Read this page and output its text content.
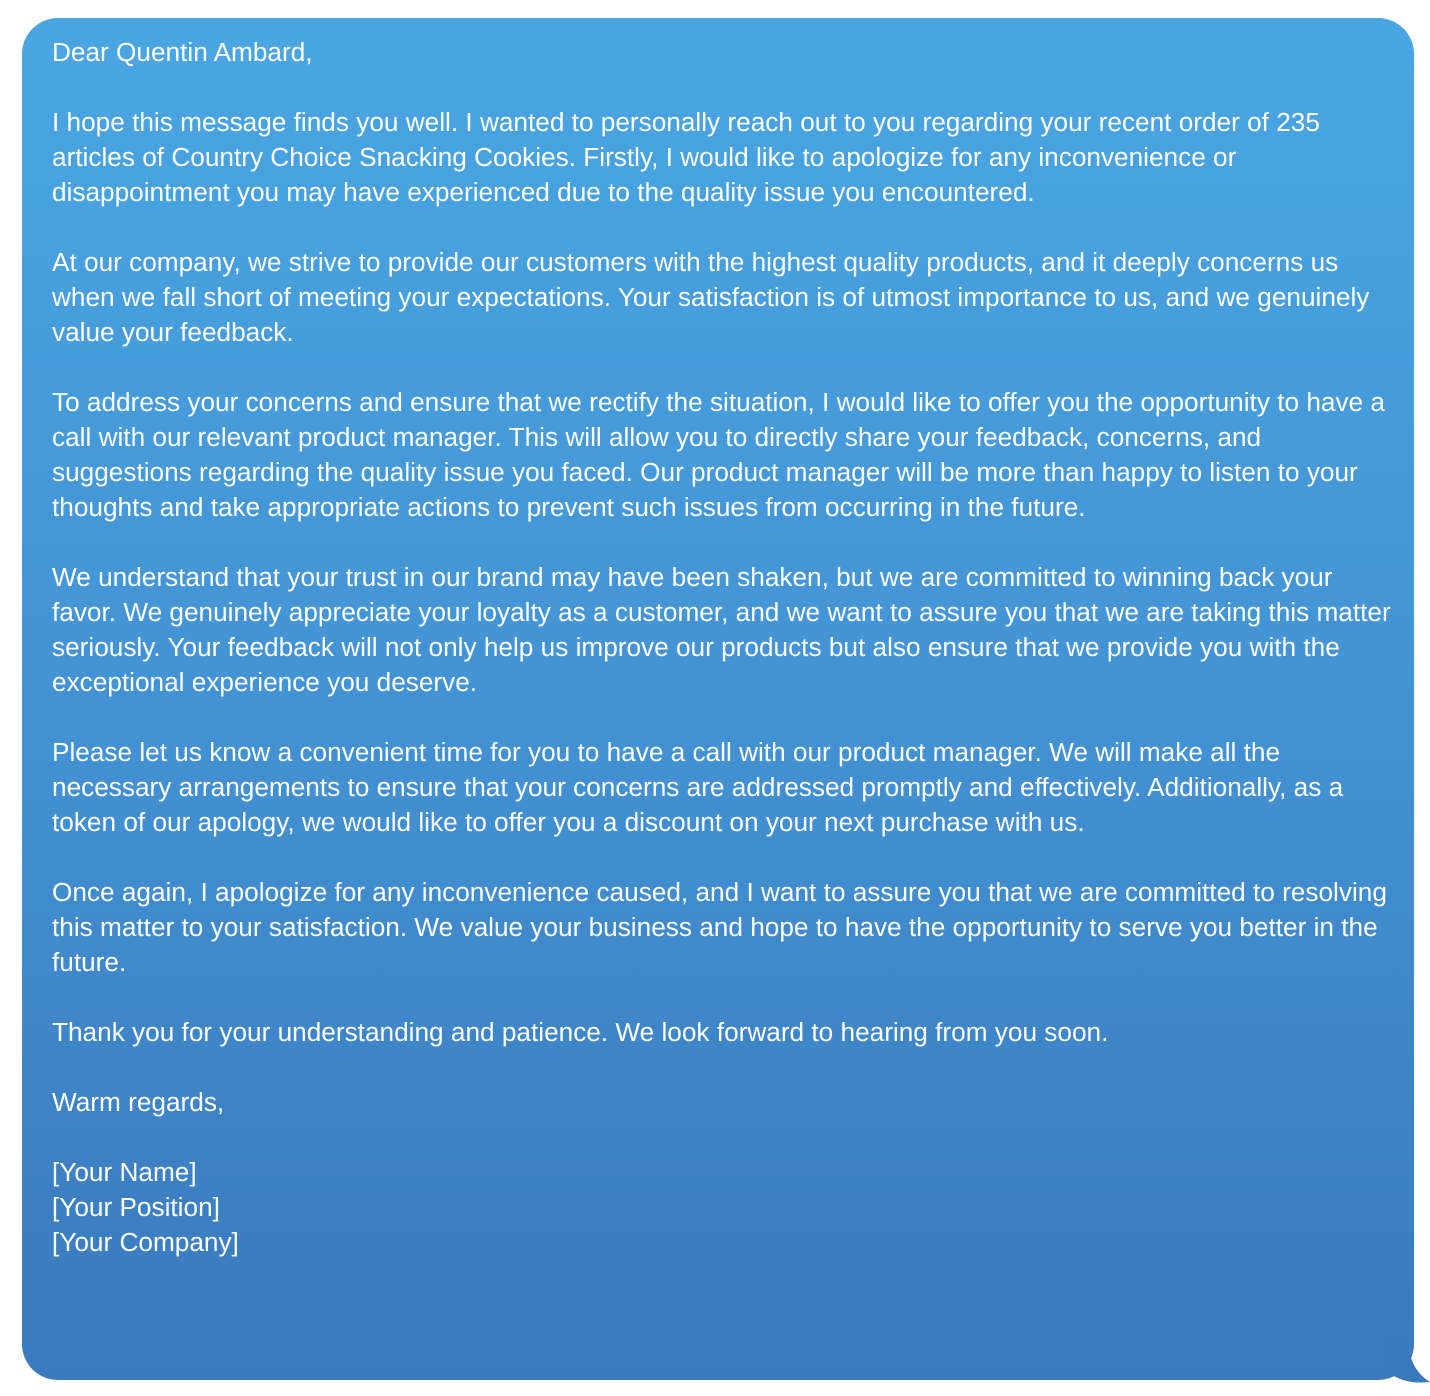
Dear Quentin Ambard,

I hope this message finds you well. I wanted to personally reach out to you regarding your recent order of 235 articles of Country Choice Snacking Cookies. Firstly, I would like to apologize for any inconvenience or disappointment you may have experienced due to the quality issue you encountered.

At our company, we strive to provide our customers with the highest quality products, and it deeply concerns us when we fall short of meeting your expectations. Your satisfaction is of utmost importance to us, and we genuinely value your feedback.

To address your concerns and ensure that we rectify the situation, I would like to offer you the opportunity to have a call with our relevant product manager. This will allow you to directly share your feedback, concerns, and suggestions regarding the quality issue you faced. Our product manager will be more than happy to listen to your thoughts and take appropriate actions to prevent such issues from occurring in the future.

We understand that your trust in our brand may have been shaken, but we are committed to winning back your favor. We genuinely appreciate your loyalty as a customer, and we want to assure you that we are taking this matter seriously. Your feedback will not only help us improve our products but also ensure that we provide you with the exceptional experience you deserve.

Please let us know a convenient time for you to have a call with our product manager. We will make all the necessary arrangements to ensure that your concerns are addressed promptly and effectively. Additionally, as a token of our apology, we would like to offer you a discount on your next purchase with us.

Once again, I apologize for any inconvenience caused, and I want to assure you that we are committed to resolving this matter to your satisfaction. We value your business and hope to have the opportunity to serve you better in the future.

Thank you for your understanding and patience. We look forward to hearing from you soon.

Warm regards,

[Your Name]
[Your Position]
[Your Company]
